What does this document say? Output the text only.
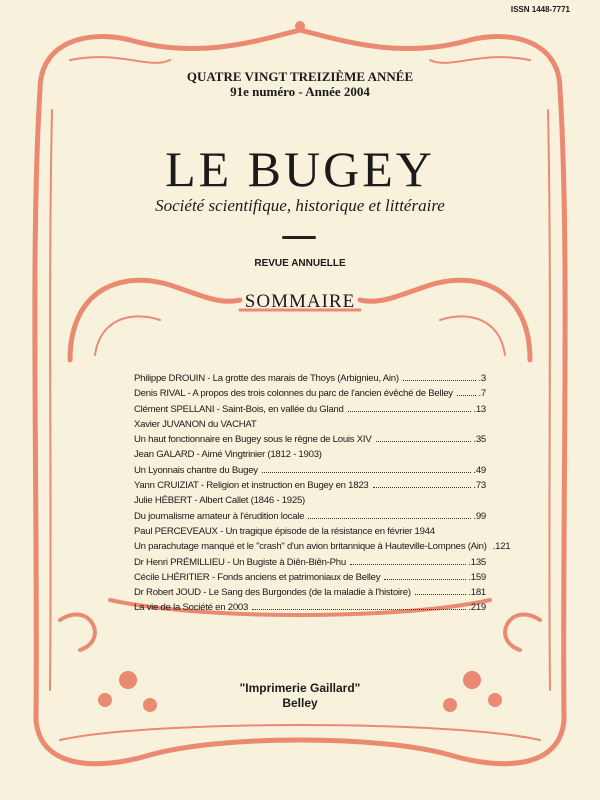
ISSN 1448-7771
QUATRE VINGT TREIZIÈME ANNÉE
91e numéro - Année 2004
LE BUGEY
Société scientifique, historique et littéraire
REVUE ANNUELLE
SOMMAIRE
Philippe DROUIN - La grotte des marais de Thoys (Arbignieu, Ain)	.3
Denis RIVAL - A propos des trois colonnes du parc de l'ancien évêché de Belley	.7
Clément SPELLANI - Saint-Bois, en vallée du Gland	.13
Xavier JUVANON du VACHAT
Un haut fonctionnaire en Bugey sous le règne de Louis XIV	.35
Jean GALARD - Aimé Vingtrinier (1812 - 1903)
Un Lyonnais chantre du Bugey	.49
Yann CRUIZIAT - Religion et instruction en Bugey en 1823	.73
Julie HÉBERT - Albert Callet (1846 - 1925)
Du journalisme amateur à l'érudition locale	.99
Paul PERCEVEAUX - Un tragique épisode de la résistance en février 1944
Un parachutage manqué et le "crash" d'un avion britannique à Hauteville-Lompnes (Ain) .121
Dr Henri PRÉMILLIEU - Un Bugiste à Diên-Biên-Phu	.135
Cécile LHÉRITIER - Fonds anciens et patrimoniaux de Belley	.159
Dr Robert JOUD - Le Sang des Burgondes (de la maladie à l'histoire)	.181
La vie de la Société en 2003	.219
"Imprimerie Gaillard"
Belley
